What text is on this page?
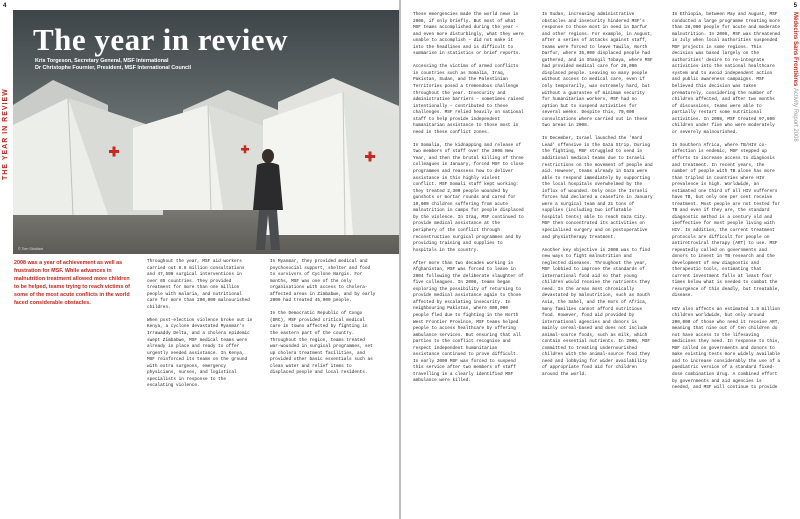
4	5
THE YEAR IN REVIEW
Médecins Sans Frontières Activity Report 2008
The year in review
Kris Torgeson, Secretary General, MSF International
Dr Christophe Fournier, President, MSF International Council
© Tom Stoddart
2008 was a year of achievement as well as frustration for MSF. While advances in malnutrition treatment allowed more children to be helped, teams trying to reach victims of some of the most acute conflicts in the world faced considerable obstacles.

Throughout the year, MSF aid workers carried out 8.8 million consultations and 47,500 surgical interventions in over 65 countries. They provided treatment for more than one million people with malaria, and nutritional care for more than 200,000 malnourished children.

When post-election violence broke out in Kenya, a cyclone devastated Myanmar's Irrawaddy Delta, and a cholera epidemic swept Zimbabwe, MSF medical teams were already in place and ready to offer urgently needed assistance. In Kenya, MSF reinforced its teams on the ground with extra surgeons, emergency physicians, nurses, and logistical specialists in response to the escalating violence.

In Myanmar, they provided medical and psychosocial support, shelter and food to survivors of Cyclone Nargis. For months, MSF was one of the only organisations with access to cholera-affected areas in Zimbabwe, and by early 2009 had treated 45,000 people.

In the Democratic Republic of Congo (DRC), MSF provided critical medical care in towns affected by fighting in the eastern part of the country. Throughout the region, teams treated war-wounded in surgical programmes, set up cholera treatment facilities, and provided other basic essentials such as clean water and relief items to displaced people and local residents.

These emergencies made the world news in 2008, if only briefly. But most of what MSF teams accomplished during the year – and even more disturbingly, what they were unable to accomplish – did not make it into the headlines and is difficult to summarise in statistics or brief reports.

Accessing the victims of armed conflicts in countries such as Somalia, Iraq, Pakistan, Sudan, and the Palestinian Territories posed a tremendous challenge throughout the year. Insecurity and administrative barriers – sometimes raised intentionally – contributed to these challenges. MSF relied heavily on national staff to help provide independent humanitarian assistance to those most in need in these conflict zones.

In Somalia, the kidnapping and release of two members of staff over the 2008 New Year, and then the brutal killing of three colleagues in January, forced MSF to close programmes and reassess how to deliver assistance in this highly violent conflict. MSF Somali staff kept working: they treated 2,300 people wounded by gunshots or mortar rounds and cared for 10,000 children suffering from acute malnutrition in camps for people displaced by the violence. In Iraq, MSF continued to provide medical assistance at the periphery of the conflict through reconstructive surgical programmes and by providing training and supplies to hospitals in the country.

After more than two decades working in Afghanistan, MSF was forced to leave in 2004 following the deliberate slaughter of five colleagues. In 2008, teams began exploring the possibility of returning to provide medical assistance again to those affected by escalating insecurity. In neighbouring Pakistan, where 600,000 people fled due to fighting in the North West Frontier Province, MSF teams helped people to access healthcare by offering ambulance services. But ensuring that all parties to the conflict recognise and respect independent humanitarian assistance continued to prove difficult. In early 2009 MSF was forced to suspend this service after two members of staff travelling in a clearly identified MSF ambulance were killed.

In Sudan, increasing administrative obstacles and insecurity hindered MSF's response to those most in need in Darfur and other regions. For example, in August, after a series of attacks against staff, teams were forced to leave Tawila, North Darfur, where 35,000 displaced people had gathered, and in Shangil Tobaya, where MSF had provided medical care for 28,000 displaced people. Leaving so many people without access to medical care, even if only temporarily, was extremely hard, but without a guarantee of minimum security for humanitarian workers, MSF had no option but to suspend activities for several weeks. Despite this, 70,000 consultations where carried out in these two areas in 2008.

In December, Israel launched the 'Hard Lead' offensive in the Gaza Strip. During the fighting, MSF struggled to send in additional medical teams due to Israeli restrictions on the movement of people and aid. However, teams already in Gaza were able to respond immediately by supporting the local hospitals overwhelmed by the influx of wounded. Only once the Israeli forces had declared a ceasefire in January were a surgical team and 21 tons of supplies (including two inflatable hospital tents) able to reach Gaza City. MSF then concentrated its activities on specialised surgery and on postoperative and physiotherapy treatment.

Another key objective in 2008 was to find new ways to fight malnutrition and neglected diseases. Throughout the year, MSF lobbied to improve the standards of international food aid so that young children would receive the nutrients they need. In the areas most chronically devastated by malnutrition, such as South Asia, the Sahel, and the Horn of Africa, many families cannot afford nutritious food. However, food aid provided by international agencies and donors is mainly cereal-based and does not include animal-source foods, such as milk, which contain essential nutrients. In 2008, MSF committed to treating undernourished children with the animal-source food they need and lobbying for wider availability of appropriate food aid for children around the world.

In Ethiopia, between May and August, MSF conducted a large programme treating more than 28,000 people for acute and moderate malnutrition. In 2008, MSF was threatened in July when local authorities suspended MSF projects in some regions. This decision was based largely on the authorities' desire to re-integrate activities into the national healthcare system and to avoid independent action and public awareness campaigns. MSF believed this decision was taken prematurely, considering the number of children affected, and after two months of discussions, teams were able to partially restart some nutritional activities. In 2008, MSF treated 97,600 children under five who were moderately or severely malnourished.

In Southern Africa, where TB/HIV co-infection is endemic, MSF stepped up efforts to increase access to diagnosis and treatment. In recent years, the number of people with TB alone has more than tripled in countries where HIV prevalence is high. Worldwide, an estimated one third of all HIV sufferers have TB, but only one per cent receive treatment. Most people are not tested for TB and even if they are, the standard diagnostic method is a century old and ineffective for most people living with HIV. In addition, the current treatment protocols are difficult for people on antiretroviral therapy (ART) to use. MSF repeatedly called on governments and donors to invest in TB research and the development of new diagnostic and therapeutic tools, estimating that current investment falls at least four times below what is needed to combat the resurgence of this deadly, but treatable, disease.

HIV also affects an estimated 1.9 million children worldwide, but only around 200,000 of those who need it receive ART, meaning that nine out of ten children do not have access to the lifesaving medicines they need. In response to this, MSF called on governments and donors to make existing tests more widely available and to increase considerably the use of a paediatric version of a standard fixed-dose combination drug. A combined effort by governments and aid agencies is needed, and MSF will continue to provide
